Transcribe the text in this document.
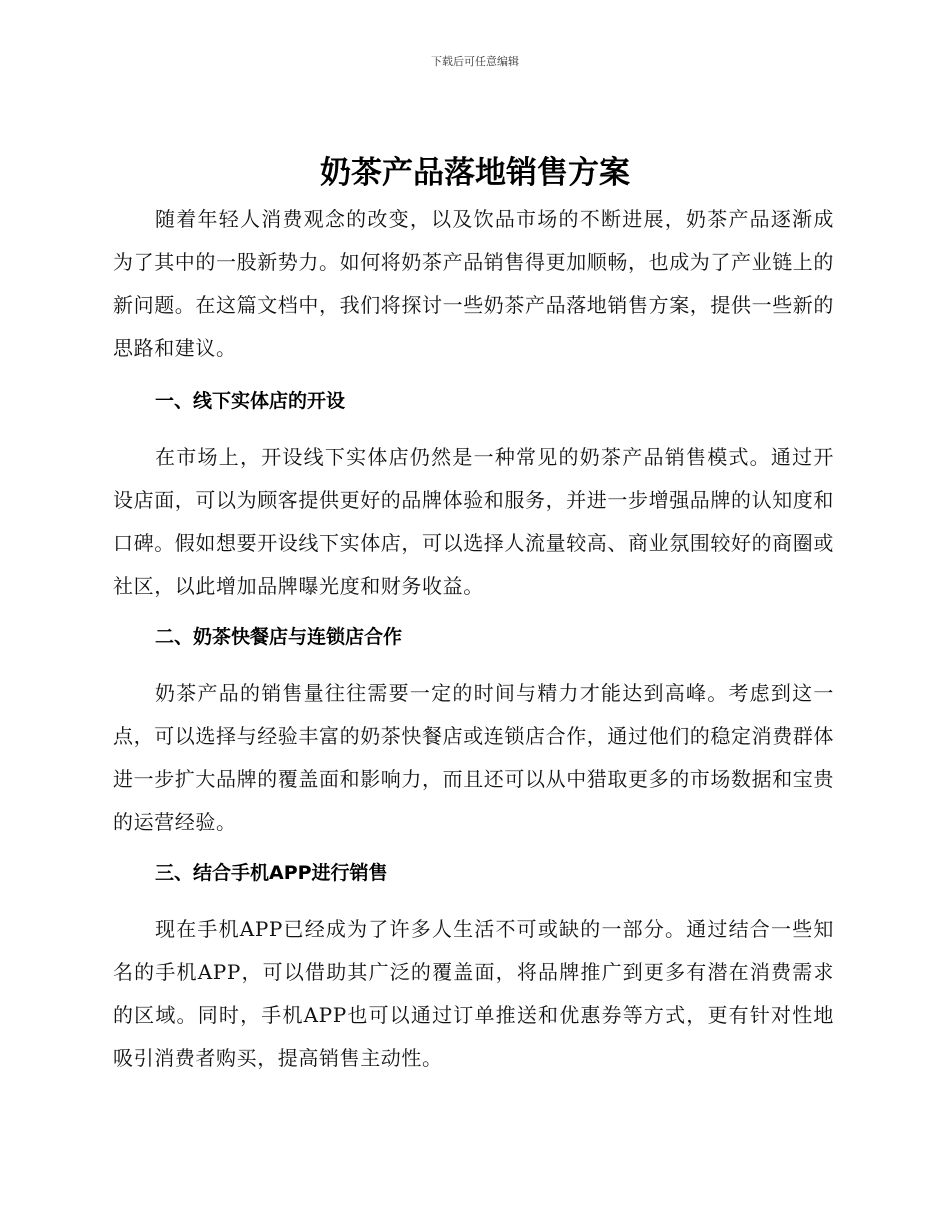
下载后可任意编辑
奶茶产品落地销售方案

随着年轻人消费观念的改变，以及饮品市场的不断进展，奶茶产品逐渐成为了其中的一股新势力。如何将奶茶产品销售得更加顺畅，也成为了产业链上的新问题。在这篇文档中，我们将探讨一些奶茶产品落地销售方案，提供一些新的思路和建议。

一、线下实体店的开设

在市场上，开设线下实体店仍然是一种常见的奶茶产品销售模式。通过开设店面，可以为顾客提供更好的品牌体验和服务，并进一步增强品牌的认知度和口碑。假如想要开设线下实体店，可以选择人流量较高、商业氛围较好的商圈或社区，以此增加品牌曝光度和财务收益。

二、奶茶快餐店与连锁店合作

奶茶产品的销售量往往需要一定的时间与精力才能达到高峰。考虑到这一点，可以选择与经验丰富的奶茶快餐店或连锁店合作，通过他们的稳定消费群体进一步扩大品牌的覆盖面和影响力，而且还可以从中猎取更多的市场数据和宝贵的运营经验。

三、结合手机APP进行销售

现在手机APP已经成为了许多人生活不可或缺的一部分。通过结合一些知名的手机APP，可以借助其广泛的覆盖面，将品牌推广到更多有潜在消费需求的区域。同时，手机APP也可以通过订单推送和优惠券等方式，更有针对性地吸引消费者购买，提高销售主动性。
